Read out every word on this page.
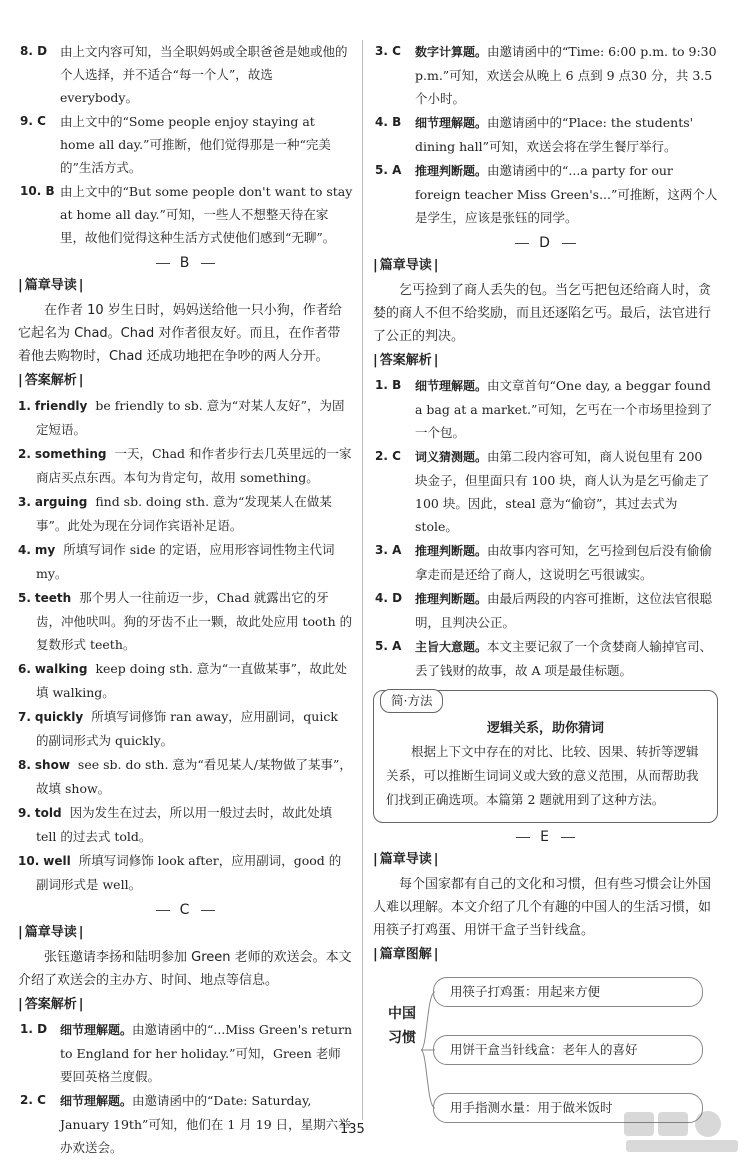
8. D 由上文内容可知，当全职妈妈或全职爸爸是她或他的个人选择，并不适合“每一个人”，故选 everybody。
9. C 由上文中的“Some people enjoy staying at home all day.”可推断，他们觉得那是一种“完美的”生活方式。
10. B 由上文中的“But some people don't want to stay at home all day.”可知，一些人不想整天待在家里，故他们觉得这种生活方式使他们感到“无聊”。
B
| 篇章导读 |

在作者 10 岁生日时，妈妈送给他一只小狗，作者给它起名为 Chad。Chad 对作者很友好。而且，在作者带着他去购物时，Chad 还成功地把在争吵的两人分开。

| 答案解析 |
1. friendly be friendly to sb. 意为“对某人友好”，为固定短语。
2. something 一天，Chad 和作者步行去几英里远的一家商店买点东西。本句为肯定句，故用 something。
3. arguing find sb. doing sth. 意为“发现某人在做某事”。此处为现在分词作宾语补足语。
4. my 所填写词作 side 的定语，应用形容词性物主代词 my。
5. teeth 那个男人一往前迈一步，Chad 就露出它的牙齿，冲他吠叫。狗的牙齿不止一颗，故此处应用 tooth 的复数形式 teeth。
6. walking keep doing sth. 意为“一直做某事”，故此处填 walking。
7. quickly 所填写词修饰 ran away，应用副词，quick 的副词形式为 quickly。
8. show see sb. do sth. 意为“看见某人/某物做了某事”，故填 show。
9. told 因为发生在过去，所以用一般过去时，故此处填 tell 的过去式 told。
10. well 所填写词修饰 look after，应用副词，good 的副词形式是 well。
C
| 篇章导读 |

张钰邀请李扬和陆明参加 Green 老师的欢送会。本文介绍了欢送会的主办方、时间、地点等信息。

| 答案解析 |
1. D 细节理解题。由邀请函中的“...Miss Green's return to England for her holiday.”可知，Green 老师要回英格兰度假。
2. C 细节理解题。由邀请函中的“Date: Saturday, January 19th”可知，他们在 1 月 19 日，星期六举办欢送会。
3. C 数字计算题。由邀请函中的“Time: 6:00 p.m. to 9:30 p.m.”可知，欢送会从晚上 6 点到 9 点30 分，共 3.5 个小时。
4. B 细节理解题。由邀请函中的“Place: the students' dining hall”可知，欢送会将在学生餐厅举行。
5. A 推理判断题。由邀请函中的“...a party for our foreign teacher Miss Green's...”可推断，这两个人是学生，应该是张钰的同学。
D
| 篇章导读 |

乞丐捡到了商人丢失的包。当乞丐把包还给商人时，贪婪的商人不但不给奖励，而且还逐陷乞丐。最后，法官进行了公正的判决。

| 答案解析 |
1. B 细节理解题。由文章首句“One day, a beggar found a bag at a market.”可知，乞丐在一个市场里捡到了一个包。
2. C 词义猜测题。由第二段内容可知，商人说包里有 200 块金子，但里面只有 100 块，商人认为是乞丐偷走了 100 块。因此，steal 意为“偷窃”，其过去式为 stole。
3. A 推理判断题。由故事内容可知，乞丐捡到包后没有偷偷拿走而是还给了商人，这说明乞丐很诚实。
4. D 推理判断题。由最后两段的内容可推断，这位法官很聪明，且判决公正。
5. A 主旨大意题。本文主要记叙了一个贪婪商人输掉官司、丢了钱财的故事，故 A 项是最佳标题。
简·方法
逻辑关系，助你猜词
根据上下文中存在的对比、比较、因果、转折等逻辑关系，可以推断生词词义或大致的意义范围，从而帮助我们找到正确选项。本篇第 2 题就用到了这种方法。
E
| 篇章导读 |

每个国家都有自己的文化和习惯，但有些习惯会让外国人难以理解。本文介绍了几个有趣的中国人的生活习惯，如用筷子打鸡蛋、用饼干盒子当针线盒。

| 篇章图解 |
中国习惯
用筷子打鸡蛋：用起来方便
用饼干盒当针线盒：老年人的喜好
用手指测水量：用于做米饭时
135
